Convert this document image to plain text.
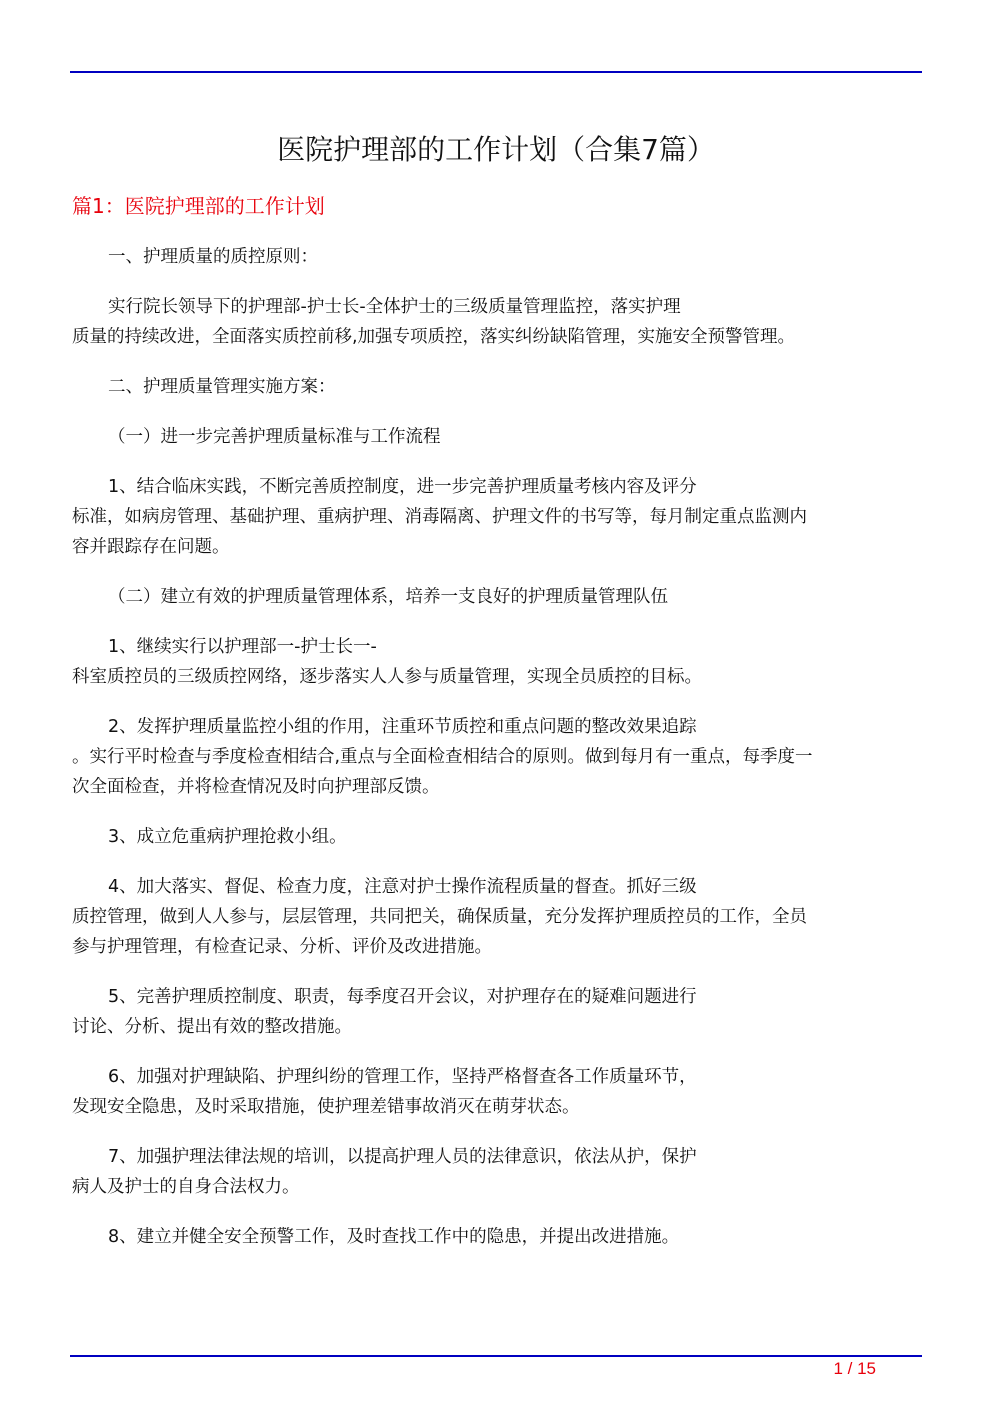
医院护理部的工作计划（合集7篇）
篇1：医院护理部的工作计划
一、护理质量的质控原则：
实行院长领导下的护理部-护士长-全体护士的三级质量管理监控，落实护理
质量的持续改进，全面落实质控前移,加强专项质控，落实纠纷缺陷管理，实施安全预警管理。
二、护理质量管理实施方案：
（一）进一步完善护理质量标准与工作流程
1、结合临床实践，不断完善质控制度，进一步完善护理质量考核内容及评分
标准，如病房管理、基础护理、重病护理、消毒隔离、护理文件的书写等，每月制定重点监测内
容并跟踪存在问题。
（二）建立有效的护理质量管理体系，培养一支良好的护理质量管理队伍
1、继续实行以护理部一-护士长一-
科室质控员的三级质控网络，逐步落实人人参与质量管理，实现全员质控的目标。
2、发挥护理质量监控小组的作用，注重环节质控和重点问题的整改效果追踪
。实行平时检查与季度检查相结合,重点与全面检查相结合的原则。做到每月有一重点，每季度一
次全面检查，并将检查情况及时向护理部反馈。
3、成立危重病护理抢救小组。
4、加大落实、督促、检查力度，注意对护士操作流程质量的督查。抓好三级
质控管理，做到人人参与，层层管理，共同把关，确保质量，充分发挥护理质控员的工作，全员
参与护理管理，有检查记录、分析、评价及改进措施。
5、完善护理质控制度、职责，每季度召开会议，对护理存在的疑难问题进行
讨论、分析、提出有效的整改措施。
6、加强对护理缺陷、护理纠纷的管理工作，坚持严格督查各工作质量环节，
发现安全隐患，及时采取措施，使护理差错事故消灭在萌芽状态。
7、加强护理法律法规的培训，以提高护理人员的法律意识，依法从护，保护
病人及护士的自身合法权力。
8、建立并健全安全预警工作，及时查找工作中的隐患，并提出改进措施。
1 / 15
